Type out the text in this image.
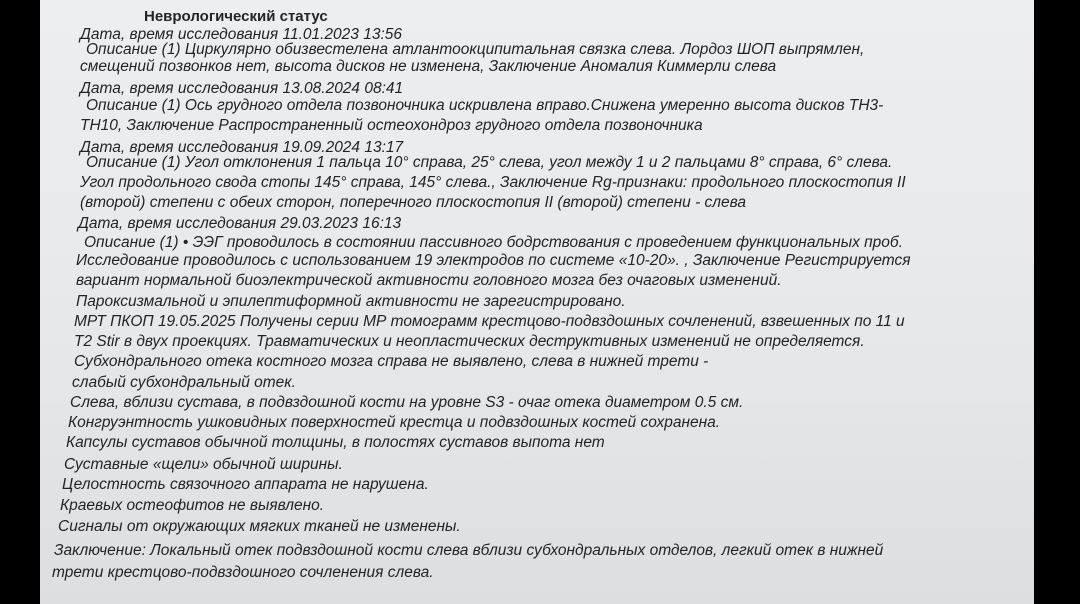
Неврологический статус

Дата, время исследования 11.01.2023 13:56

Описание (1) Циркулярно обизвестелена атлантоокципитальная связка слева. Лордоз ШОП выпрямлен,

смещений позвонков нет, высота дисков не изменена, Заключение Аномалия Киммерли слева

Дата, время исследования 13.08.2024 08:41

Описание (1) Ось грудного отдела позвоночника искривлена вправо.Снижена умеренно высота дисков ТН3-

ТН10, Заключение Распространенный остеохондроз грудного отдела позвоночника

Дата, время исследования 19.09.2024 13:17

Описание (1) Угол отклонения 1 пальца 10° справа, 25° слева, угол между 1 и 2 пальцами 8° справа, 6° слева.

Угол продольного свода стопы 145° справа, 145° слева., Заключение Rg-признаки: продольного плоскостопия II

(второй) степени с обеих сторон, поперечного плоскостопия II (второй) степени - слева

Дата, время исследования 29.03.2023 16:13

Описание (1) • ЭЭГ проводилось в состоянии пассивного бодрствования с проведением функциональных проб.

Исследование проводилось с использованием 19 электродов по системе «10-20». , Заключение Регистрируется

вариант нормальной биоэлектрической активности головного мозга без очаговых изменений.

Пароксизмальной и эпилептиформной активности не зарегистрировано.

МРТ ПКОП 19.05.2025 Получены серии МР томограмм крестцово-подвздошных сочленений, взвешенных по 11 и

Т2 Stir в двух проекциях. Травматических и неопластических деструктивных изменений не определяется.

Субхондрального отека костного мозга справа не выявлено, слева в нижней трети -

слабый субхондральный отек.

Слева, вблизи сустава, в подвздошной кости на уровне S3 - очаг отека диаметром 0.5 см.

Конгруэнтность ушковидных поверхностей крестца и подвздошных костей сохранена.

Капсулы суставов обычной толщины, в полостях суставов выпота нет

Суставные «щели» обычной ширины.

Целостность связочного аппарата не нарушена.

Краевых остеофитов не выявлено.

Сигналы от окружающих мягких тканей не изменены.

Заключение: Локальный отек подвздошной кости слева вблизи субхондральных отделов, легкий отек в нижней

трети крестцово-подвздошного сочленения слева.
